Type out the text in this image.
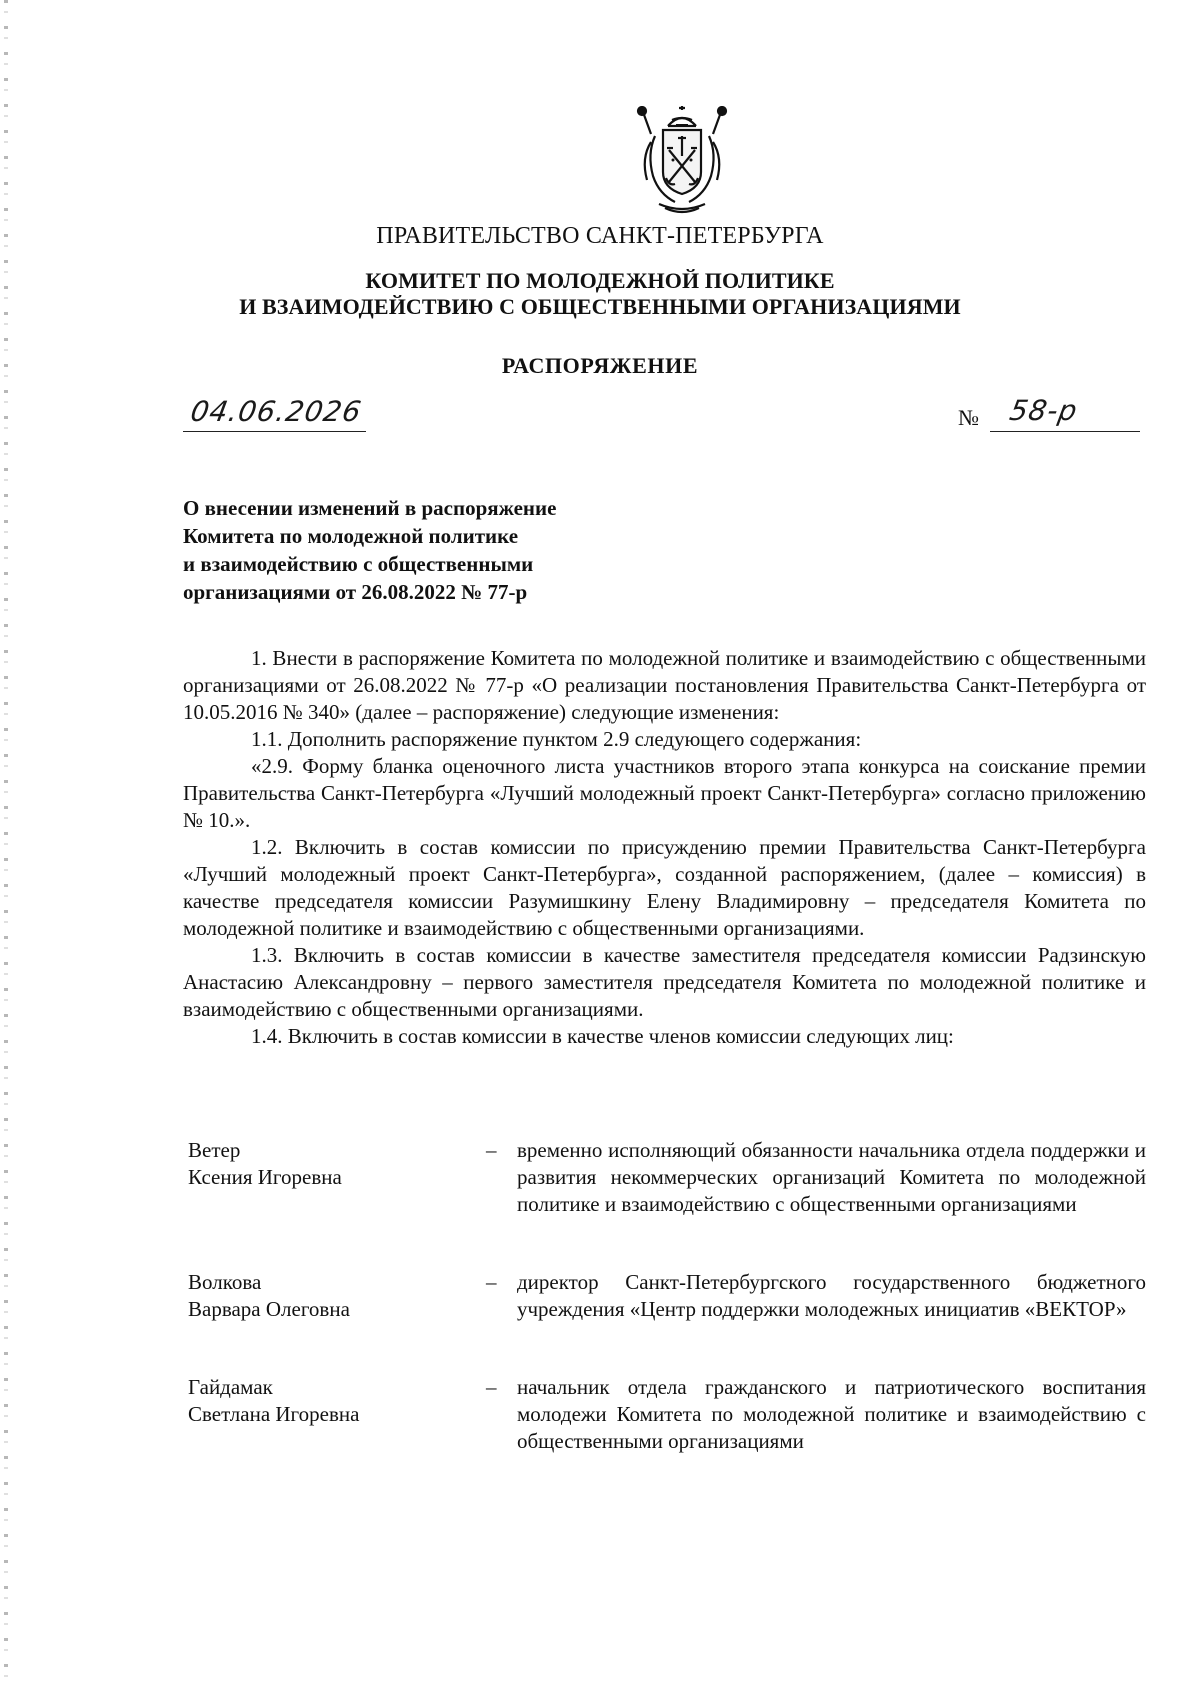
ПРАВИТЕЛЬСТВО САНКТ-ПЕТЕРБУРГА
КОМИТЕТ ПО МОЛОДЕЖНОЙ ПОЛИТИКЕ
И ВЗАИМОДЕЙСТВИЮ С ОБЩЕСТВЕННЫМИ ОРГАНИЗАЦИЯМИ
РАСПОРЯЖЕНИЕ
04.06.2026	№ 58-р
О внесении изменений в распоряжение
Комитета по молодежной политике
и взаимодействию с общественными
организациями от 26.08.2022 № 77-р

1. Внести в распоряжение Комитета по молодежной политике и взаимодействию с общественными организациями от 26.08.2022 № 77-р «О реализации постановления Правительства Санкт-Петербурга от 10.05.2016 № 340» (далее – распоряжение) следующие изменения:

1.1. Дополнить распоряжение пунктом 2.9 следующего содержания:

«2.9. Форму бланка оценочного листа участников второго этапа конкурса на соискание премии Правительства Санкт-Петербурга «Лучший молодежный проект Санкт-Петербурга» согласно приложению № 10.».

1.2. Включить в состав комиссии по присуждению премии Правительства Санкт-Петербурга «Лучший молодежный проект Санкт-Петербурга», созданной распоряжением, (далее – комиссия) в качестве председателя комиссии Разумишкину Елену Владимировну – председателя Комитета по молодежной политике и взаимодействию с общественными организациями.

1.3. Включить в состав комиссии в качестве заместителя председателя комиссии Радзинскую Анастасию Александровну – первого заместителя председателя Комитета по молодежной политике и взаимодействию с общественными организациями.

1.4. Включить в состав комиссии в качестве членов комиссии следующих лиц:

Ветер
Ксения Игоревна
– временно исполняющий обязанности начальника отдела поддержки и развития некоммерческих организаций Комитета по молодежной политике и взаимодействию с общественными организациями
Волкова
Варвара Олеговна
– директор Санкт-Петербургского государственного бюджетного учреждения «Центр поддержки молодежных инициатив «ВЕКТОР»
Гайдамак
Светлана Игоревна
– начальник отдела гражданского и патриотического воспитания молодежи Комитета по молодежной политике и взаимодействию с общественными организациями
